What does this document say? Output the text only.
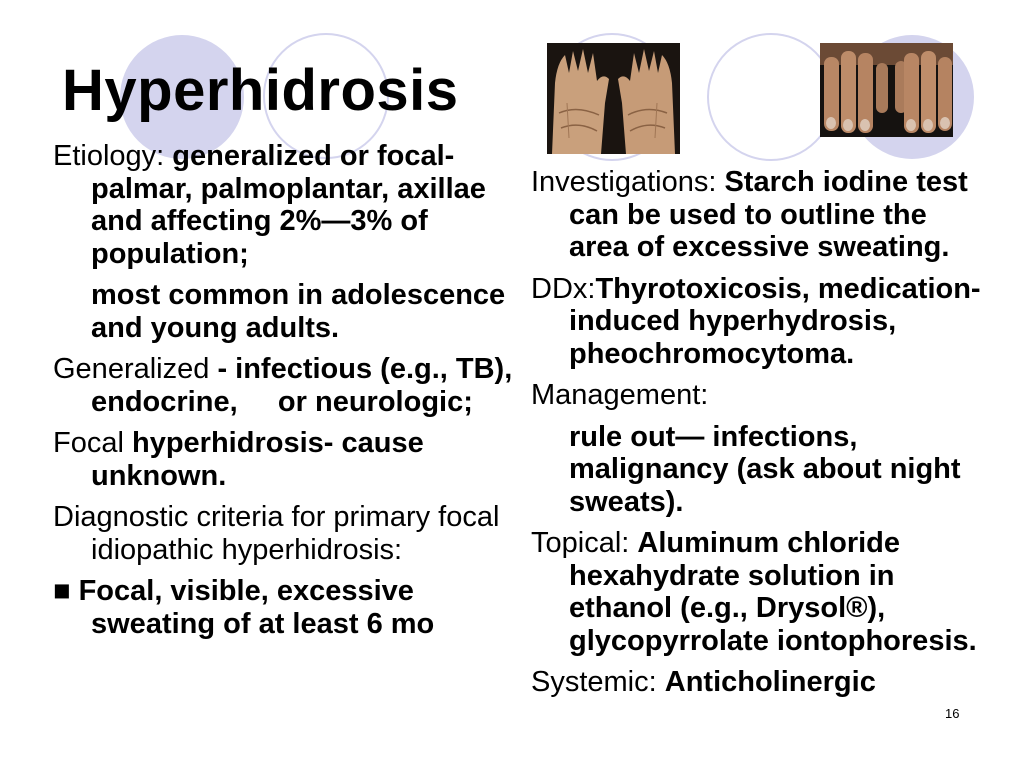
Hyperhidrosis
Etiology: generalized or focal- palmar, palmoplantar, axillae and affecting 2%—3% of population;
most common in adolescence and young adults.
Generalized - infectious (e.g., TB), endocrine,     or neurologic;
Focal hyperhidrosis- cause unknown.
Diagnostic criteria for primary focal idiopathic hyperhidrosis:
■ Focal, visible, excessive sweating of at least 6 mo
Investigations: Starch iodine test can be used to outline the area of excessive sweating.
DDx:Thyrotoxicosis, medication-induced hyperhydrosis, pheochromocytoma.
Management:
rule out— infections, malignancy (ask about night sweats).
Topical: Aluminum chloride hexahydrate solution in ethanol (e.g., Drysol®), glycopyrrolate iontophoresis.
Systemic: Anticholinergic
16
